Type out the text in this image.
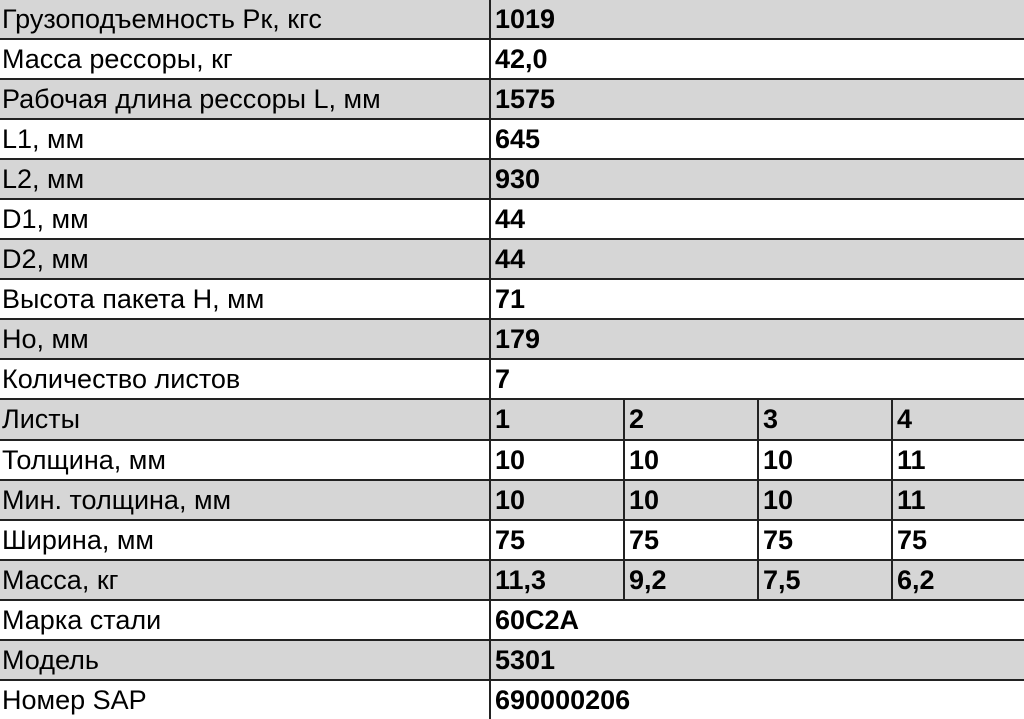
Грузоподъемность Рк, кгс	1019			
Масса рессоры, кг	42,0			
Рабочая длина рессоры L, мм	1575			
L1, мм	645			
L2, мм	930			
D1, мм	44			
D2, мм	44			
Высота пакета Н, мм	71			
Но, мм	179			
Количество листов	7			
Листы	1	2	3	4
Толщина, мм	10	10	10	11
Мин. толщина, мм	10	10	10	11
Ширина, мм	75	75	75	75
Масса, кг	11,3	9,2	7,5	6,2
Марка стали	60С2А			
Модель	5301			
Номер SAP	690000206			
